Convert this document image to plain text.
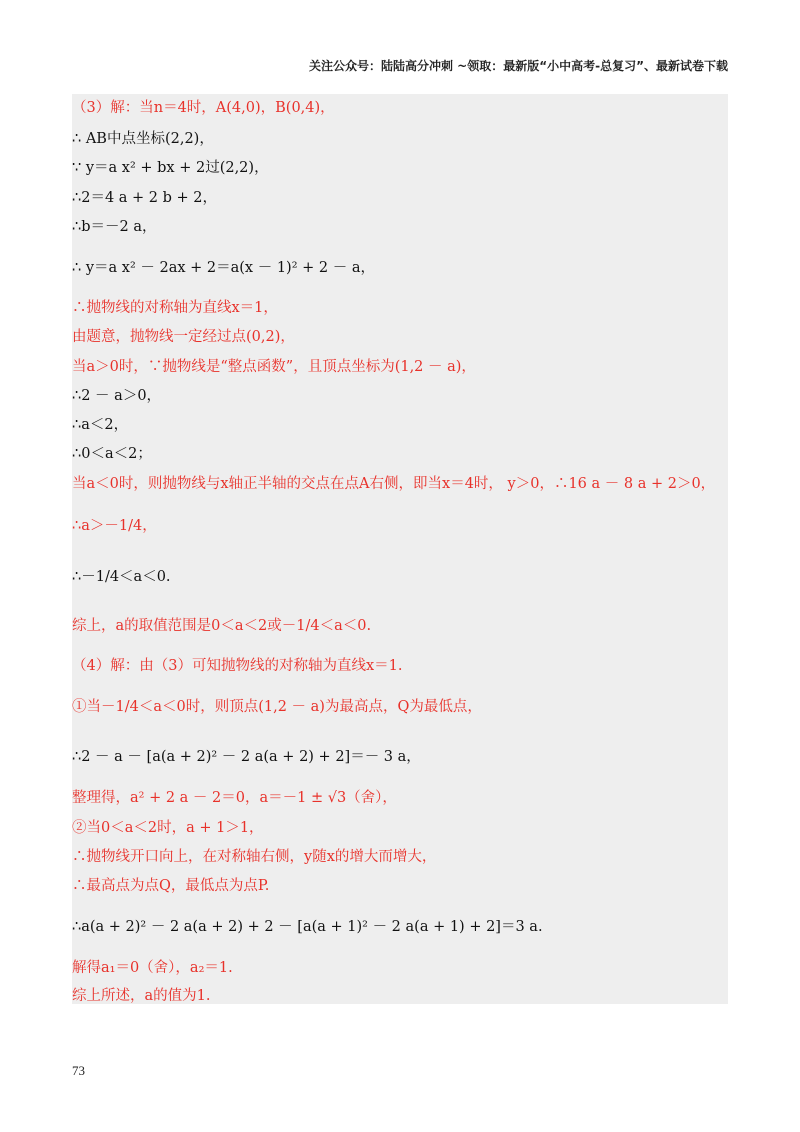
关注公众号：陆陆高分冲刺 ~领取：最新版“小中高考-总复习”、最新试卷下载
（3）解：当n＝4时，A(4,0)，B(0,4)，
∴ AB中点坐标(2,2)，
∵ y＝a x² + bx + 2过(2,2)，
∴2＝4 a + 2 b + 2，
∴b＝－2 a，
∴ y＝a x² － 2ax + 2＝a(x － 1)² + 2 － a，
∴抛物线的对称轴为直线x＝1，
由题意，抛物线一定经过点(0,2)，
当a＞0时，∵抛物线是“整点函数”，且顶点坐标为(1,2 － a)，
∴2 － a＞0，
∴a＜2，
∴0＜a＜2；
当a＜0时，则抛物线与x轴正半轴的交点在点A右侧，即当x＝4时， y＞0，∴16 a － 8 a + 2＞0，
∴a＞－1/4，
∴－1/4＜a＜0.
综上，a的取值范围是0＜a＜2或－1/4＜a＜0.
（4）解：由（3）可知抛物线的对称轴为直线x＝1.
①当－1/4＜a＜0时，则顶点(1,2 － a)为最高点，Q为最低点，
∴2 － a － [a(a + 2)² － 2 a(a + 2) + 2]＝－ 3 a，
整理得，a² + 2 a － 2＝0，a＝－1 ± √3（舍），
②当0＜a＜2时，a + 1＞1，
∴抛物线开口向上，在对称轴右侧，y随x的增大而增大，
∴最高点为点Q，最低点为点P.
∴a(a + 2)² － 2 a(a + 2) + 2 － [a(a + 1)² － 2 a(a + 1) + 2]＝3 a.
解得a₁＝0（舍），a₂＝1.
综上所述，a的值为1.
73
